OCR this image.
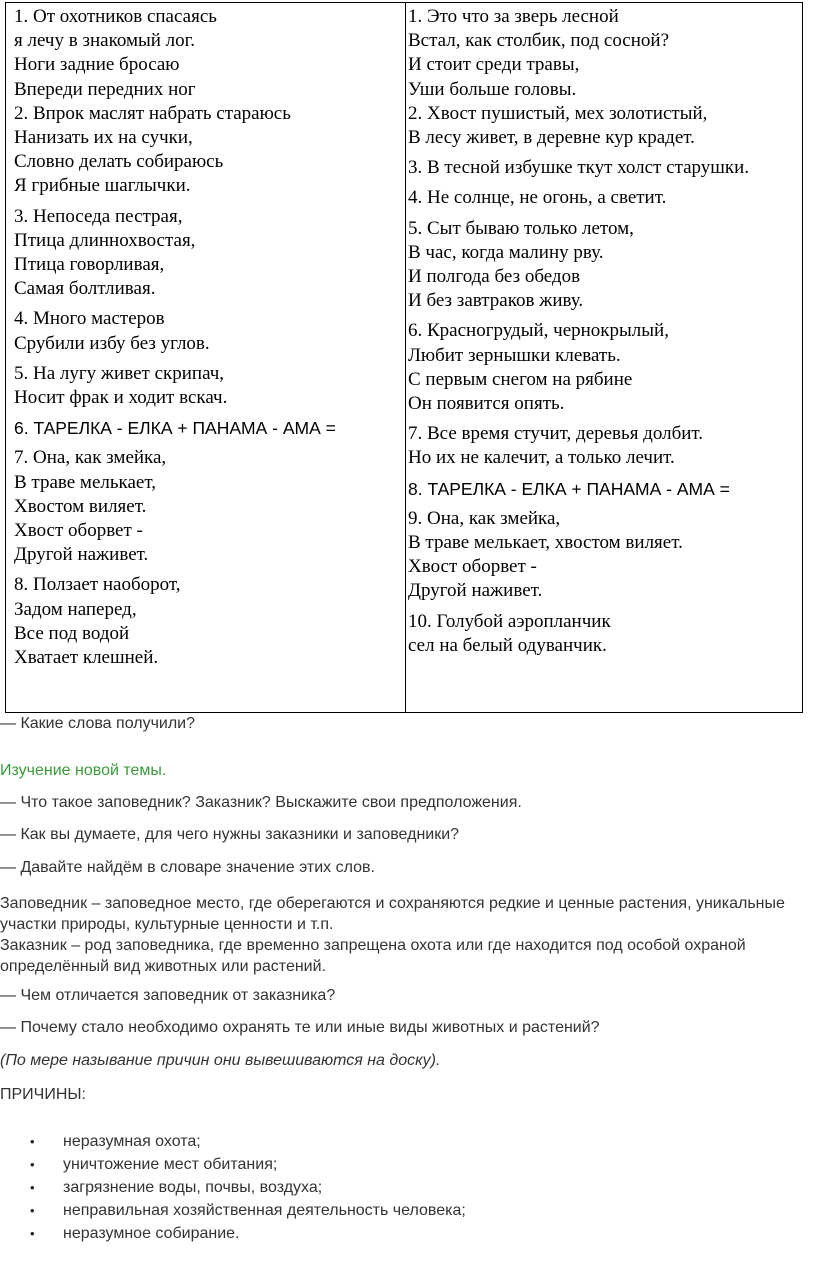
1. От охотников спасаясь
я лечу в знакомый лог.
Ноги задние бросаю
Впереди передних ног
2. Впрок маслят набрать стараюсь
Нанизать их на сучки,
Словно делать собираюсь
Я грибные шаглычки.

3. Непоседа пестрая,
Птица длиннохвостая,
Птица говорливая,
Самая болтливая.

4. Много мастеров
Срубили избу без углов.

5. На лугу живет скрипач,
Носит фрак и ходит вскач.

6. ТАРЕЛКА - ЕЛКА + ПАНАМА - АМА =

7. Она, как змейка,
В траве мелькает,
Хвостом виляет.
Хвост оборвет -
Другой наживет.

8. Ползает наоборот,
Задом наперед,
Все под водой
Хватает клешней.

1. Это что за зверь лесной
Встал, как столбик, под сосной?
И стоит среди травы,
Уши больше головы.
2. Хвост пушистый, мех золотистый,
В лесу живет, в деревне кур крадет.

3. В тесной избушке ткут холст старушки.

4. Не солнце, не огонь, а светит.

5. Сыт бываю только летом,
В час, когда малину рву.
И полгода без обедов
И без завтраков живу.

6. Красногрудый, чернокрылый,
Любит зернышки клевать.
С первым снегом на рябине
Он появится опять.

7. Все время стучит, деревья долбит.
Но их не калечит, а только лечит.

8. ТАРЕЛКА - ЕЛКА + ПАНАМА - АМА =

9. Она, как змейка,
В траве мелькает, хвостом виляет.
Хвост оборвет -
Другой наживет.

10. Голубой аэропланчик
сел на белый одуванчик.

— Какие слова получили?
Изучение новой темы.
— Что такое заповедник? Заказник? Выскажите свои предположения.
— Как вы думаете, для чего нужны заказники и заповедники?
— Давайте найдём в словаре значение этих слов.
Заповедник – заповедное место, где оберегаются и сохраняются редкие и ценные растения, уникальные участки природы, культурные ценности и т.п.
Заказник – род заповедника, где временно запрещена охота или где находится под особой охраной определённый вид животных или растений.
— Чем отличается заповедник от заказника?
— Почему стало необходимо охранять те или иные виды животных и растений?
(По мере называние причин они вывешиваются на доску).
ПРИЧИНЫ:
• неразумная охота;
• уничтожение мест обитания;
• загрязнение воды, почвы, воздуха;
• неправильная хозяйственная деятельность человека;
• неразумное собирание.
